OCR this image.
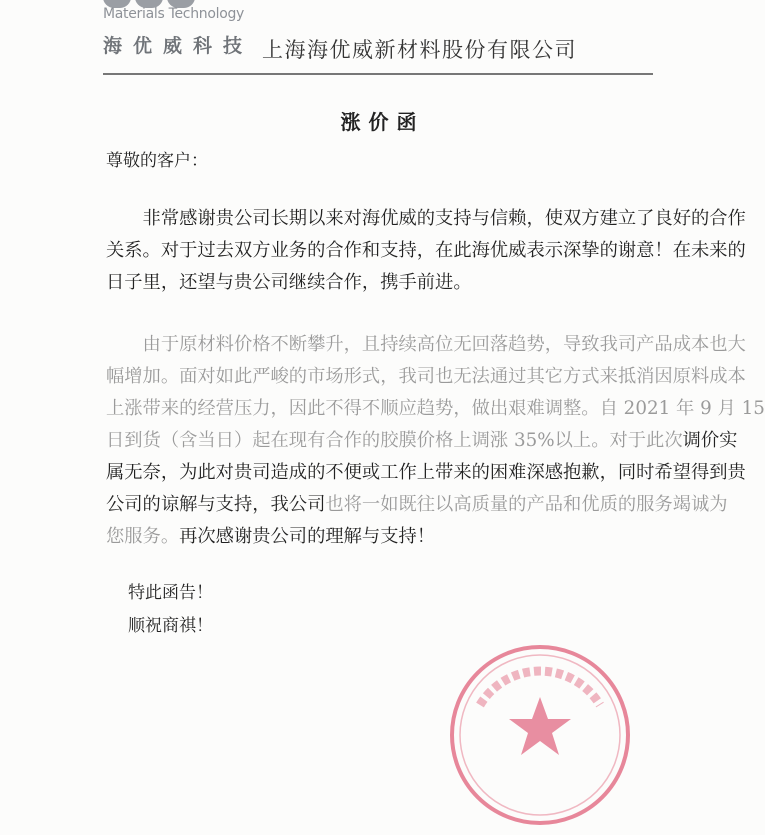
Materials Technology
海优威科技 上海海优威新材料股份有限公司
涨价函
尊敬的客户：
　　非常感谢贵公司长期以来对海优威的支持与信赖，使双方建立了良好的合作
关系。对于过去双方业务的合作和支持，在此海优威表示深挚的谢意！在未来的
日子里，还望与贵公司继续合作，携手前进。
　　由于原材料价格不断攀升，且持续高位无回落趋势，导致我司产品成本也大
幅增加。面对如此严峻的市场形式，我司也无法通过其它方式来抵消因原料成本
上涨带来的经营压力，因此不得不顺应趋势，做出艰难调整。自 2021 年 9 月 15
日到货（含当日）起在现有合作的胶膜价格上调涨 35%以上。对于此次调价实
属无奈，为此对贵司造成的不便或工作上带来的困难深感抱歉，同时希望得到贵
公司的谅解与支持，我公司也将一如既往以高质量的产品和优质的服务竭诚为
您服务。再次感谢贵公司的理解与支持！
特此函告！
顺祝商祺！
